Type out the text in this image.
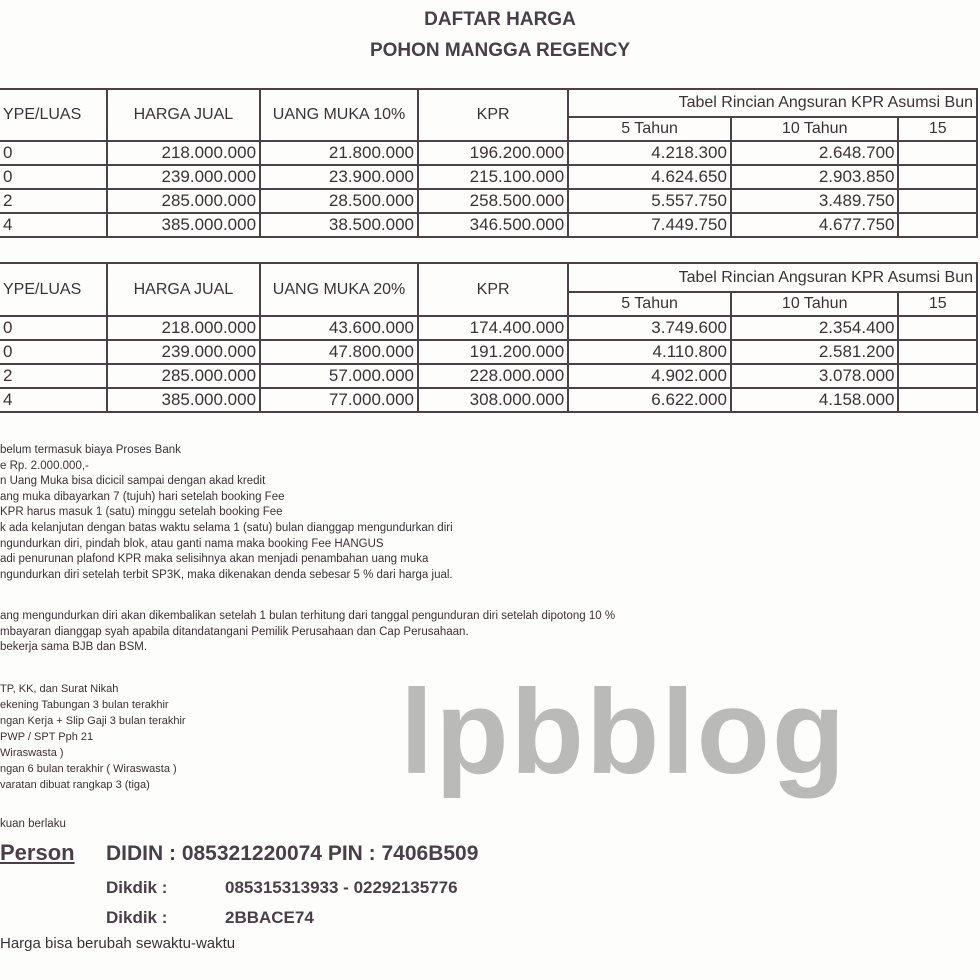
DAFTAR HARGA
POHON MANGGA REGENCY
YPE/LUAS	HARGA JUAL	UANG MUKA 10%	KPR	Tabel Rincian Angsuran KPR Asumsi Bun		
				5 Tahun	10 Tahun	15
0	218.000.000	21.800.000	196.200.000	4.218.300	2.648.700	
0	239.000.000	23.900.000	215.100.000	4.624.650	2.903.850	
2	285.000.000	28.500.000	258.500.000	5.557.750	3.489.750	
4	385.000.000	38.500.000	346.500.000	7.449.750	4.677.750	
YPE/LUAS	HARGA JUAL	UANG MUKA 20%	KPR	Tabel Rincian Angsuran KPR Asumsi Bun		
				5 Tahun	10 Tahun	15
0	218.000.000	43.600.000	174.400.000	3.749.600	2.354.400	
0	239.000.000	47.800.000	191.200.000	4.110.800	2.581.200	
2	285.000.000	57.000.000	228.000.000	4.902.000	3.078.000	
4	385.000.000	77.000.000	308.000.000	6.622.000	4.158.000	
lpbblog
belum termasuk biaya Proses Bank
e Rp. 2.000.000,-
n Uang Muka bisa dicicil sampai dengan akad kredit
ang muka dibayarkan 7 (tujuh) hari setelah booking Fee
KPR harus masuk 1 (satu) minggu setelah booking Fee
k ada kelanjutan dengan batas waktu selama 1 (satu) bulan dianggap mengundurkan diri
ngundurkan diri, pindah blok, atau ganti nama maka booking Fee HANGUS
adi penurunan plafond KPR maka selisihnya akan menjadi penambahan uang muka
ngundurkan diri setelah terbit SP3K, maka dikenakan denda sebesar 5 % dari harga jual.
ang mengundurkan diri akan dikembalikan setelah 1 bulan terhitung dari tanggal pengunduran diri setelah dipotong 10 %
mbayaran dianggap syah apabila ditandatangani Pemilik Perusahaan dan Cap Perusahaan.
bekerja sama BJB dan BSM.
TP, KK, dan Surat Nikah
ekening Tabungan 3 bulan terakhir
ngan Kerja + Slip Gaji 3 bulan terakhir
PWP / SPT Pph 21
Wiraswasta )
ngan 6 bulan terakhir ( Wiraswasta )
varatan dibuat rangkap 3 (tiga)
kuan berlaku
Person DIDIN : 085321220074 PIN : 7406B509
Dikdik :	085315313933 - 02292135776
Dikdik :	2BBACE74
Harga bisa berubah sewaktu-waktu
